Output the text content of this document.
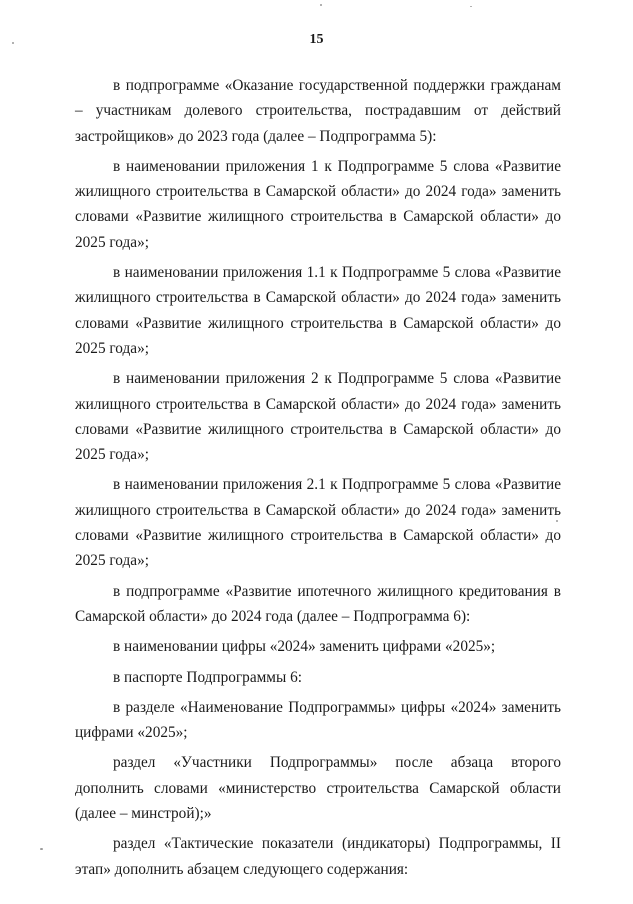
15

в подпрограмме «Оказание государственной поддержки гражданам – участникам долевого строительства, пострадавшим от действий застройщиков» до 2023 года (далее – Подпрограмма 5):

в наименовании приложения 1 к Подпрограмме 5 слова «Развитие жилищного строительства в Самарской области» до 2024 года» заменить словами «Развитие жилищного строительства в Самарской области» до 2025 года»;

в наименовании приложения 1.1 к Подпрограмме 5 слова «Развитие жилищного строительства в Самарской области» до 2024 года» заменить словами «Развитие жилищного строительства в Самарской области» до 2025 года»;

в наименовании приложения 2 к Подпрограмме 5 слова «Развитие жилищного строительства в Самарской области» до 2024 года» заменить словами «Развитие жилищного строительства в Самарской области» до 2025 года»;

в наименовании приложения 2.1 к Подпрограмме 5 слова «Развитие жилищного строительства в Самарской области» до 2024 года» заменить словами «Развитие жилищного строительства в Самарской области» до 2025 года»;

в подпрограмме «Развитие ипотечного жилищного кредитования в Самарской области» до 2024 года (далее – Подпрограмма 6):

в наименовании цифры «2024» заменить цифрами «2025»;

в паспорте Подпрограммы 6:

в разделе «Наименование Подпрограммы» цифры «2024» заменить цифрами «2025»;

раздел «Участники Подпрограммы» после абзаца второго дополнить словами «министерство строительства Самарской области (далее – минстрой);»

раздел «Тактические показатели (индикаторы) Подпрограммы, II этап» дополнить абзацем следующего содержания:
